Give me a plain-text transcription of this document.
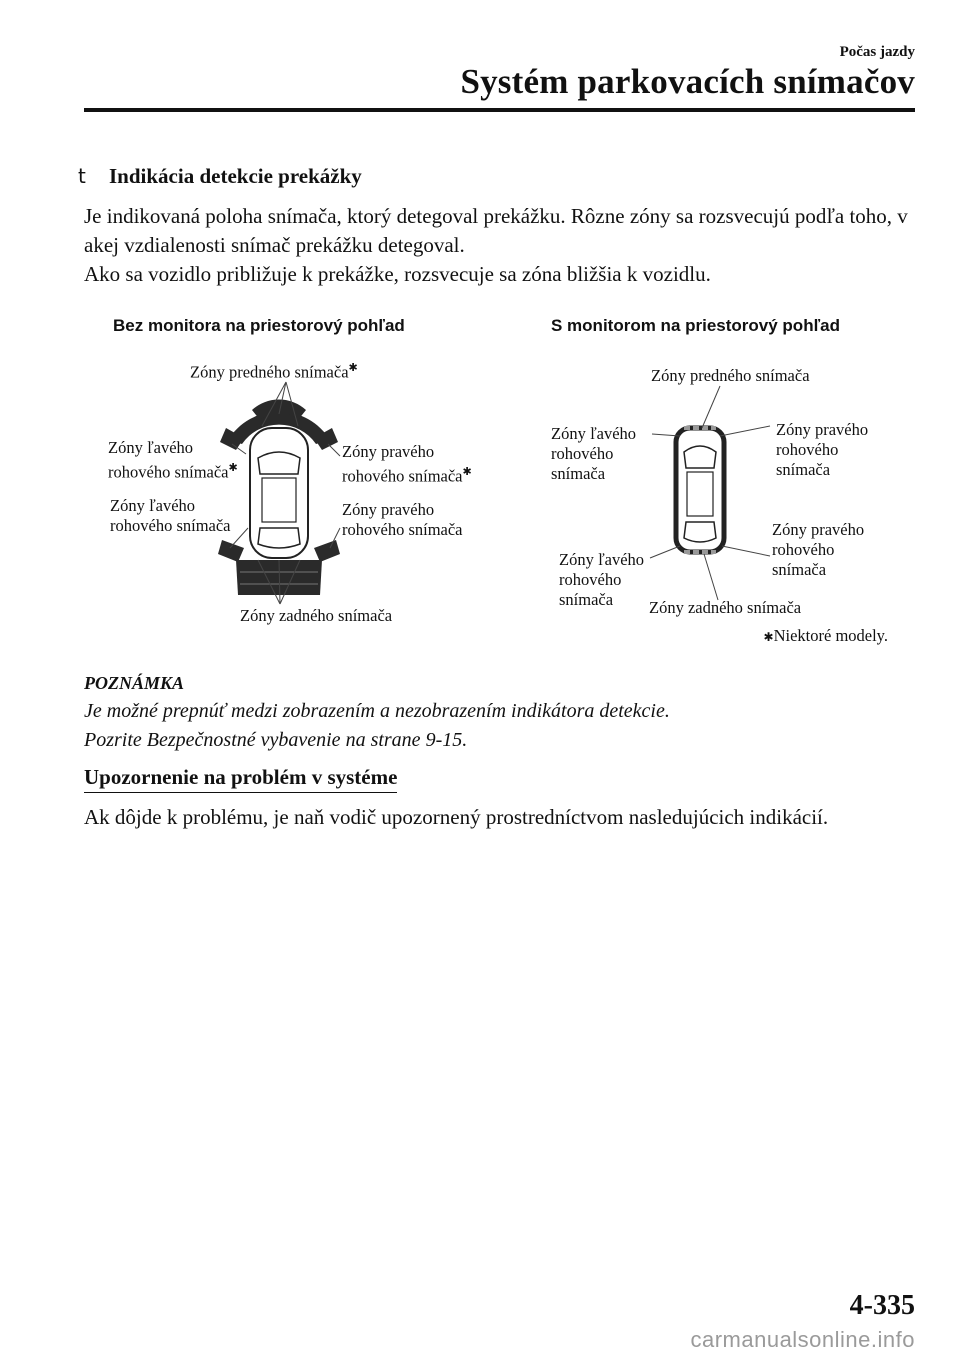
Počas jazdy
Systém parkovacích snímačov
t Indikácia detekcie prekážky
Je indikovaná poloha snímača, ktorý detegoval prekážku. Rôzne zóny sa rozsvecujú podľa toho, v akej vzdialenosti snímač prekážku detegoval.
Ako sa vozidlo približuje k prekážke, rozsvecuje sa zóna bližšia k vozidlu.
Bez monitora na priestorový pohľad	S monitorom na priestorový pohľad
Zóny predného snímača✱
Zóny ľavého
rohového snímača✱
Zóny pravého
rohového snímača✱
Zóny ľavého
rohového snímača
Zóny pravého
rohového snímača
Zóny zadného snímača
Zóny predného snímača
Zóny ľavého
rohového
snímača
Zóny pravého
rohového
snímača
Zóny ľavého
rohového
snímača
Zóny pravého
rohového
snímača
Zóny zadného snímača
✱Niektoré modely.
POZNÁMKA
Je možné prepnúť medzi zobrazením a nezobrazením indikátora detekcie.
Pozrite Bezpečnostné vybavenie na strane 9-15.
Upozornenie na problém v systéme
Ak dôjde k problému, je naň vodič upozornený prostredníctvom nasledujúcich indikácií.
4-335
carmanualsonline.info
